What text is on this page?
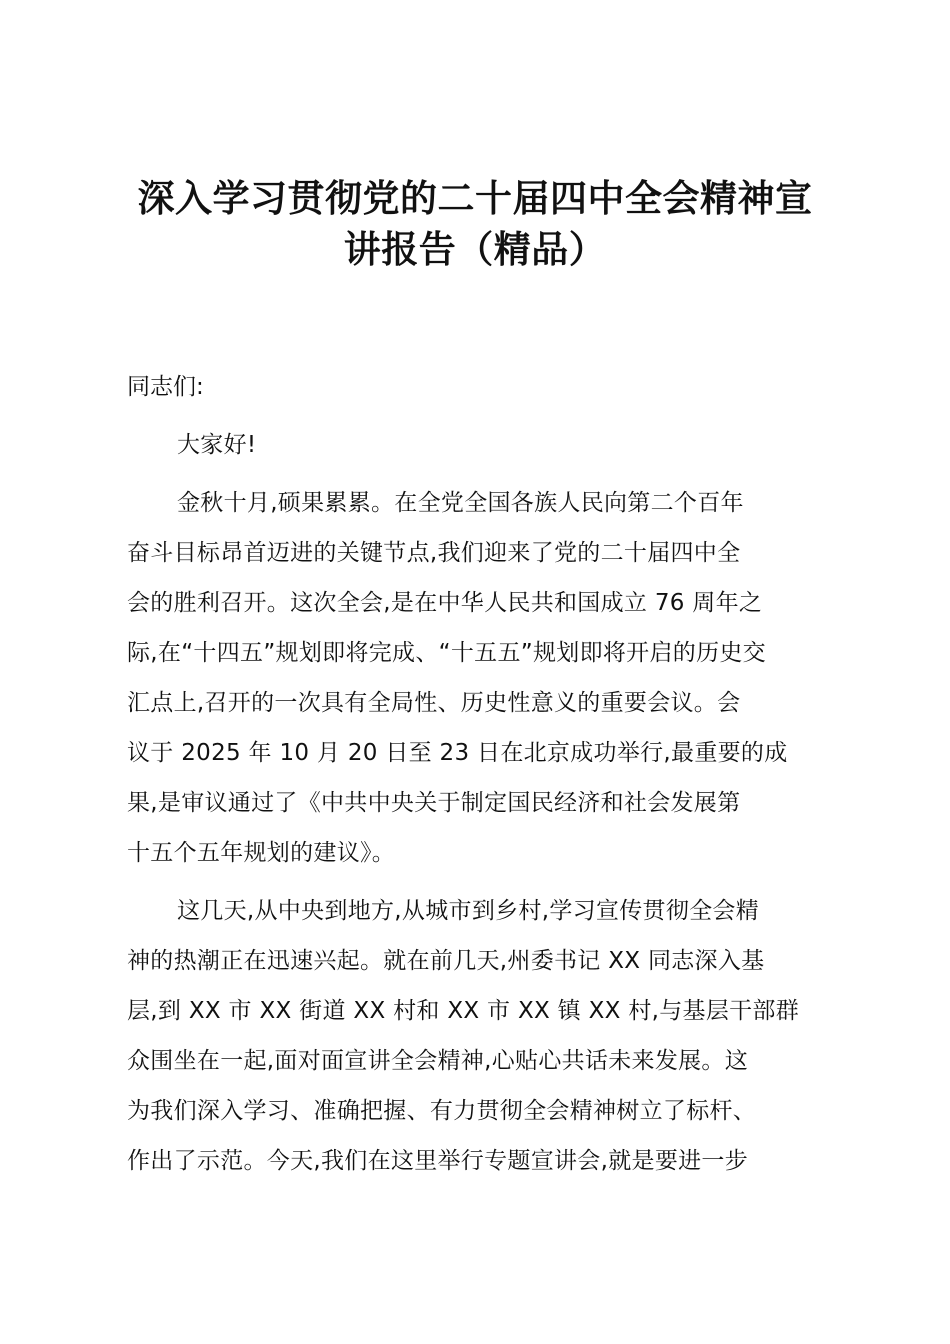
深入学习贯彻党的二十届四中全会精神宣
讲报告（精品）

同志们:

大家好!

金秋十月,硕果累累。在全党全国各族人民向第二个百年
奋斗目标昂首迈进的关键节点,我们迎来了党的二十届四中全
会的胜利召开。这次全会,是在中华人民共和国成立 76 周年之
际,在“十四五”规划即将完成、“十五五”规划即将开启的历史交
汇点上,召开的一次具有全局性、历史性意义的重要会议。会
议于 2025 年 10 月 20 日至 23 日在北京成功举行,最重要的成
果,是审议通过了《中共中央关于制定国民经济和社会发展第
十五个五年规划的建议》。

这几天,从中央到地方,从城市到乡村,学习宣传贯彻全会精
神的热潮正在迅速兴起。就在前几天,州委书记 XX 同志深入基
层,到 XX 市 XX 街道 XX 村和 XX 市 XX 镇 XX 村,与基层干部群
众围坐在一起,面对面宣讲全会精神,心贴心共话未来发展。这
为我们深入学习、准确把握、有力贯彻全会精神树立了标杆、
作出了示范。今天,我们在这里举行专题宣讲会,就是要进一步
